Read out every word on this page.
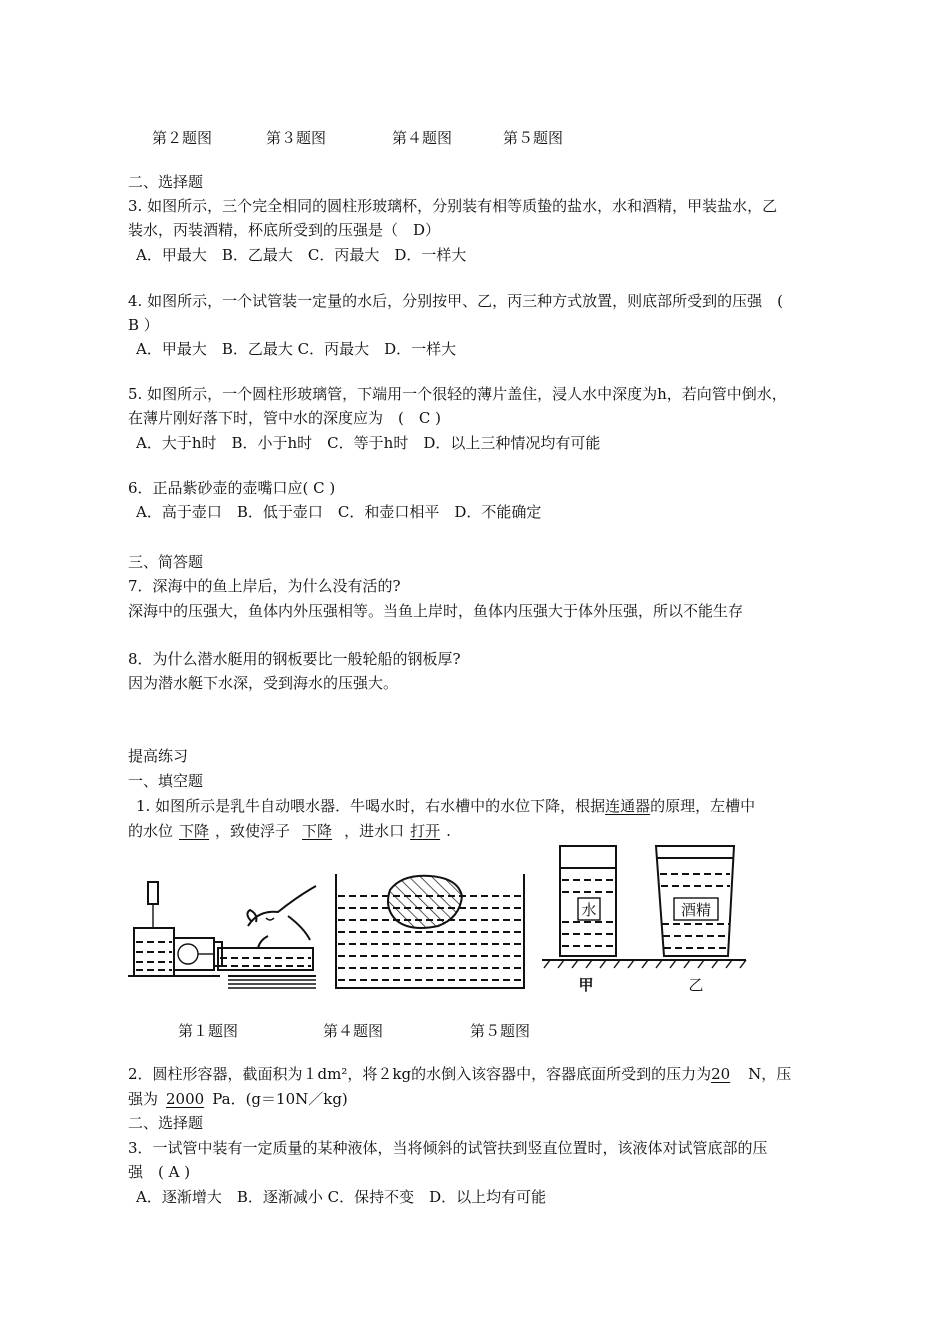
第２题图	第３题图	第４题图	第５题图
二、选择题
3. 如图所示，三个完全相同的圆柱形玻璃杯，分别装有相等质蛰的盐水，水和酒精，甲装盐水，乙
装水，丙装酒精，杯底所受到的压强是（　D）
A．甲最大　B．乙最大　C．丙最大　D．一样大
4. 如图所示，一个试管装一定量的水后，分别按甲、乙，丙三种方式放置，则底部所受到的压强　(
B ）
A．甲最大　B．乙最大 C．丙最大　D．一样大
5. 如图所示，一个圆柱形玻璃管，下端用一个很轻的薄片盖住，浸人水中深度为h，若向管中倒水，
在薄片刚好落下时，管中水的深度应为　(　C )
A．大于h时　B．小于h时　C．等于h时　D．以上三种情况均有可能
6．正品紫砂壶的壶嘴口应( C )
A．高于壶口　B．低于壶口　C．和壶口相平　D．不能确定
三、简答题
7．深海中的鱼上岸后，为什么没有活的?
深海中的压强大，鱼体内外压强相等。当鱼上岸时，鱼体内压强大于体外压强，所以不能生存
8．为什么潜水艇用的钢板要比一般轮船的钢板厚?
因为潜水艇下水深，受到海水的压强大。
提高练习
一、填空题
1. 如图所示是乳牛自动喂水器．牛喝水时，右水槽中的水位下降，根据连通器的原理，左槽中
的水位 下降 ，致使浮子 下降 ，进水口 打开 .
第１题图	第４题图
水	酒精
甲	乙
第５题图
2．圆柱形容器，截面积为１dm²，将２kg的水倒入该容器中，容器底面所受到的压力为20 N，压
强为 2000 Pa．(g＝10N／kg)
二、选择题
3．一试管中装有一定质量的某种液体，当将倾斜的试管扶到竖直位置时，该液体对试管底部的压
强　( A )
A．逐渐增大　B．逐渐减小 C．保持不变　D．以上均有可能
